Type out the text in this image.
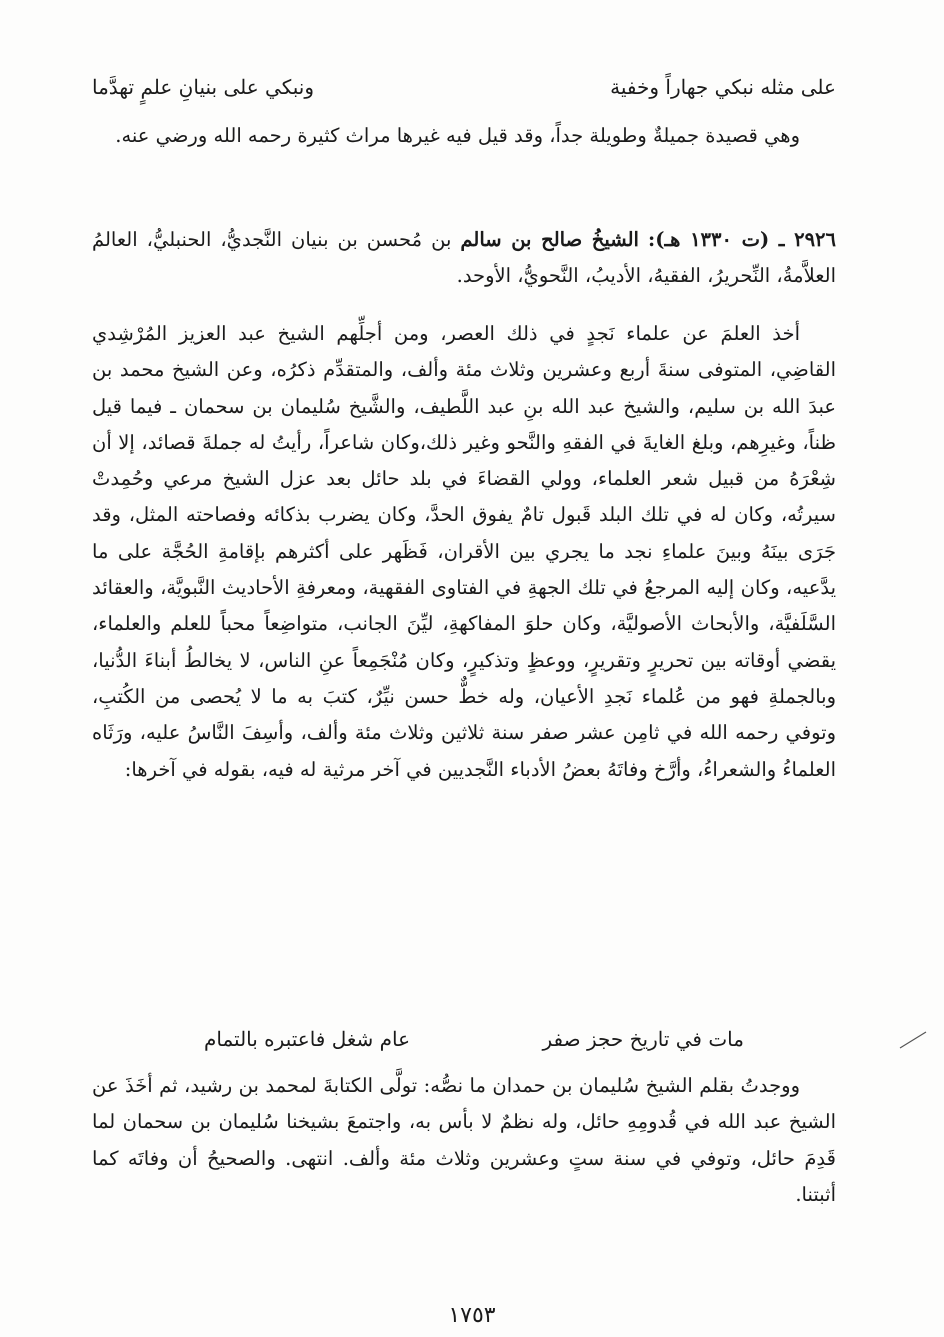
على مثله نبكي جهاراً وخفية
ونبكي على بنيانِ علمٍ تهدَّما

وهي قصيدة جميلةٌ وطويلة جداً، وقد قيل فيه غيرها مراث كثيرة رحمه الله ورضي عنه.

٢٩٢٦ ـ (ت ١٣٣٠ هـ): الشيخُ صالح بن سالم بن مُحسن بن بنيان النَّجديُّ، الحنبليُّ، العالمُ العلاَّمةُ، النِّحريرُ، الفقيهُ، الأديبُ، النَّحويُّ، الأوحد.

أخذ العلمَ عن علماء نَجدٍ في ذلك العصر، ومن أجلِّهم الشيخ عبد العزيز المُرْشِدي القاضِي، المتوفى سنةَ أربع وعشرين وثلاث مئة وألف، والمتقدِّم ذكرُه، وعن الشيخ محمد بن عبدَ الله بن سليم، والشيخ عبد الله بنِ عبد اللَّطيف، والشَّيخ سُليمان بن سحمان ـ فيما قيل ظناً، وغيرِهم، وبلغ الغايةَ في الفقهِ والنَّحو وغير ذلك،وكان شاعراً، رأيتُ له جملةَ قصائد، إلا أن شِعْرَهُ من قبيل شعر العلماء، وولي القضاءَ في بلد حائل بعد عزل الشيخ مرعي وحُمِدتْ سيرتُه، وكان له في تلك البلد قَبول تامٌ يفوق الحدَّ، وكان يضرب بذكائه وفصاحته المثل، وقد جَرَى بينَهُ وبينَ علماءِ نجد ما يجري بين الأقران، فَظَهر على أكثرهم بإقامةِ الحُجَّة على ما يدَّعيه، وكان إليه المرجعُ في تلك الجهةِ في الفتاوى الفقهية، ومعرفةِ الأحاديث النَّبويَّة، والعقائد السَّلَفيَّة، والأبحاث الأصوليَّة، وكان حلوَ المفاكهةِ، ليِّنَ الجانب، متواضِعاً محباً للعلم والعلماء، يقضي أوقاته بين تحريرٍ وتقريرٍ، ووعظٍ وتذكيرٍ، وكان مُنْجَمِعاً عنِ الناس، لا يخالطُ أبناءَ الدُّنيا، وبالجملةِ فهو من عُلماء نَجدِ الأعيان، وله خطٌّ حسن نيِّرٌ، كتبَ به ما لا يُحصى من الكُتبِ، وتوفي رحمه الله في ثامِن عشر صفر سنة ثلاثين وثلاث مئة وألف، وأسِفَ النَّاسُ عليه، ورَثَاه العلماءُ والشعراءُ، وأرَّخ وفاتَهُ بعضُ الأدباء النَّجديين في آخر مرثية له فيه، بقوله في آخرها:

مات في تاريخ حجز صفر
عام شغل فاعتبره بالتمام

ووجدتُ بقلم الشيخ سُليمان بن حمدان ما نصُّه: تولَّى الكتابةَ لمحمد بن رشيد، ثم أخَذَ عن الشيخ عبد الله في قُدومِهِ حائل، وله نظمٌ لا بأس به، واجتمعَ بشيخنا سُليمان بن سحمان لما قَدِمَ حائل، وتوفي في سنة ستٍ وعشرين وثلاث مئة وألف. انتهى. والصحيحُ أن وفاتَه كما أثبتنا.

١٧٥٣
